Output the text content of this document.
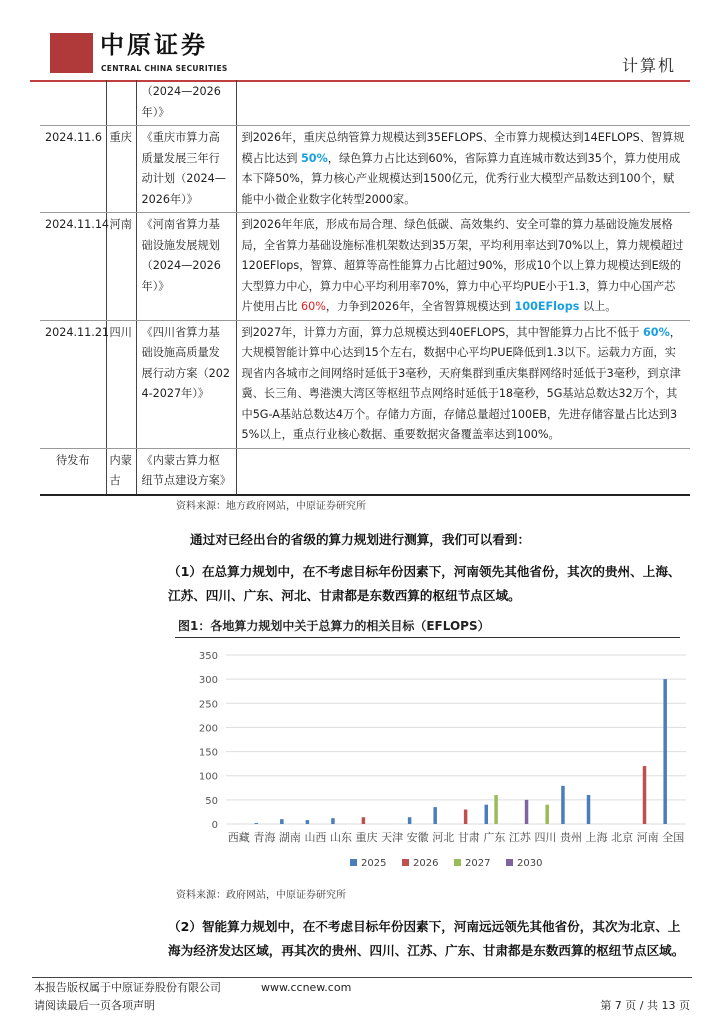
中原证券
CENTRAL CHINA SECURITIES	计算机
		（2024—2026年）》	
2024.11.6	重庆	《重庆市算力高质量发展三年行动计划（2024—2026年）》	到2026年，重庆总纳管算力规模达到35EFLOPS、全市算力规模达到14EFLOPS、智算规模占比达到 50%，绿色算力占比达到60%，省际算力直连城市数达到35个，算力使用成本下降50%，算力核心产业规模达到1500亿元，优秀行业大模型产品数达到100个，赋能中小微企业数字化转型2000家。
2024.11.14	河南	《河南省算力基础设施发展规划（2024—2026年）》	到2026年年底，形成布局合理、绿色低碳、高效集约、安全可靠的算力基础设施发展格局，全省算力基础设施标准机架数达到35万架，平均利用率达到70%以上，算力规模超过120EFlops，智算、超算等高性能算力占比超过90%，形成10个以上算力规模达到E级的大型算力中心，算力中心平均利用率70%，算力中心平均PUE小于1.3，算力中心国产芯片使用占比 60%，力争到2026年，全省智算规模达到 100EFlops 以上。
2024.11.21	四川	《四川省算力基础设施高质量发展行动方案（2024-2027年）》	到2027年，计算力方面，算力总规模达到40EFLOPS，其中智能算力占比不低于 60%，大规模智能计算中心达到15个左右，数据中心平均PUE降低到1.3以下。运载力方面，实现省内各城市之间网络时延低于3毫秒，天府集群到重庆集群网络时延低于3毫秒，到京津冀、长三角、粤港澳大湾区等枢纽节点网络时延低于18毫秒，5G基站总数达32万个，其中5G-A基站总数达4万个。存储力方面，存储总量超过100EB，先进存储容量占比达到35%以上，重点行业核心数据、重要数据灾备覆盖率达到100%。
待发布	内蒙古	《内蒙古算力枢纽节点建设方案》	
资料来源：地方政府网站，中原证券研究所
通过对已经出台的省级的算力规划进行测算，我们可以看到：
（1）在总算力规划中，在不考虑目标年份因素下，河南领先其他省份，其次的贵州、上海、江苏、四川、广东、河北、甘肃都是东数西算的枢纽节点区域。
图1：各地算力规划中关于总算力的相关目标（EFLOPS）
0
50
100
150
200
250
300
350
西藏 青海 湖南 山西 山东 重庆 天津 安徽 河北 甘肃 广东 江苏 四川 贵州 上海 北京 河南 全国
2025	2026	2027	2030
资料来源：政府网站，中原证券研究所
（2）智能算力规划中，在不考虑目标年份因素下，河南远远领先其他省份，其次为北京、上海为经济发达区域，再其次的贵州、四川、江苏、广东、甘肃都是东数西算的枢纽节点区域。
本报告版权属于中原证券股份有限公司	www.ccnew.com
请阅读最后一页各项声明	第 7 页 / 共 13 页
